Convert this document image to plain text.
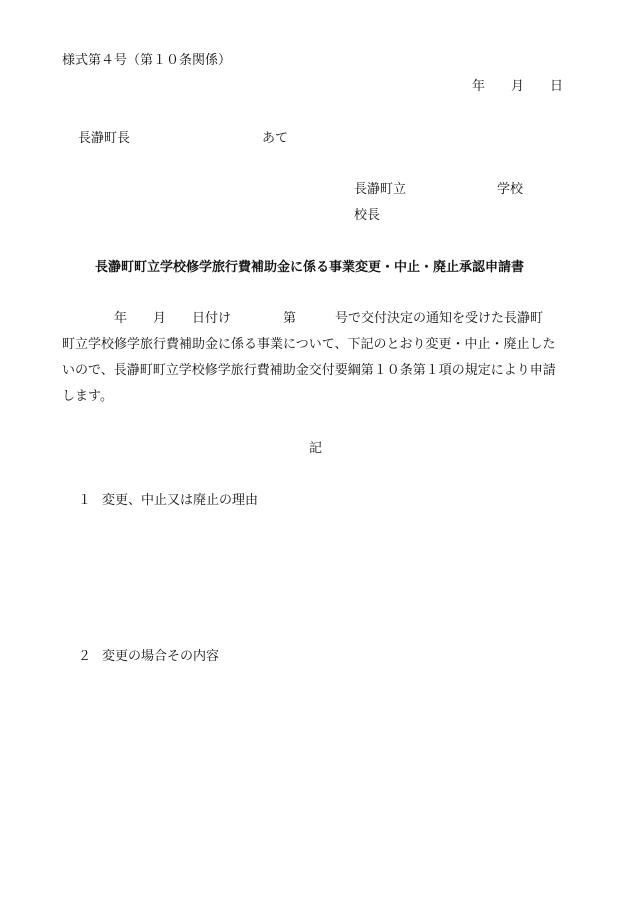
様式第４号（第１０条関係）
年　　月　　日
長瀞町長	あて
長瀞町立　　　　　　　学校
校長
長瀞町町立学校修学旅行費補助金に係る事業変更・中止・廃止承認申請書
　　　　年　　月　　日付け　　　　第　　　号で交付決定の通知を受けた長瀞町
町立学校修学旅行費補助金に係る事業について、下記のとおり変更・中止・廃止した
いので、長瀞町町立学校修学旅行費補助金交付要綱第１０条第１項の規定により申請
します。
記
１ 変更、中止又は廃止の理由
２ 変更の場合その内容
